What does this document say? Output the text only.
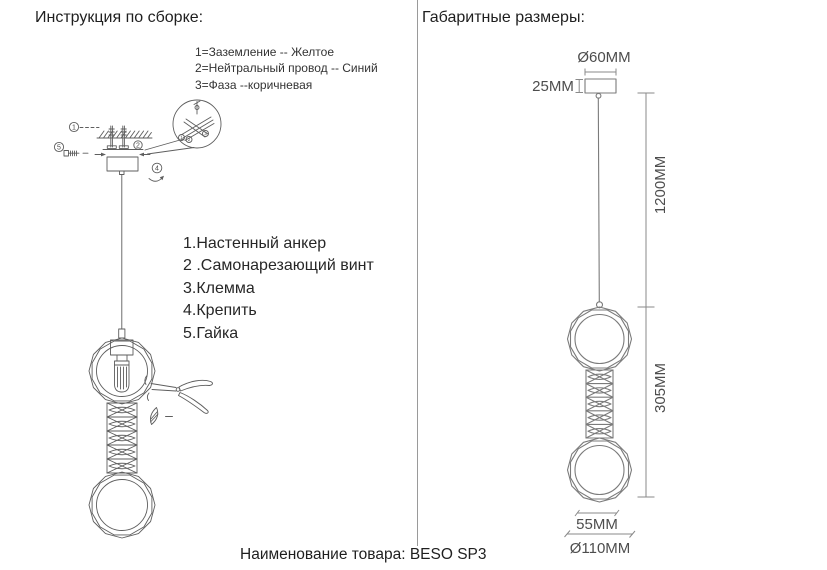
Инструкция по сборке:	Габаритные размеры:
1=Заземление -- Желтое
2=Нейтральный провод -- Синий
3=Фаза --коричневая
1.Настенный анкер
2 .Самонарезающий винт
3.Клемма
4.Крепить
5.Гайка
Наименование товара: BESO SP3
1
2
5
4
1 2
3
Ø60MM
25MM
1200MM
305MM
55MM
Ø110MM
